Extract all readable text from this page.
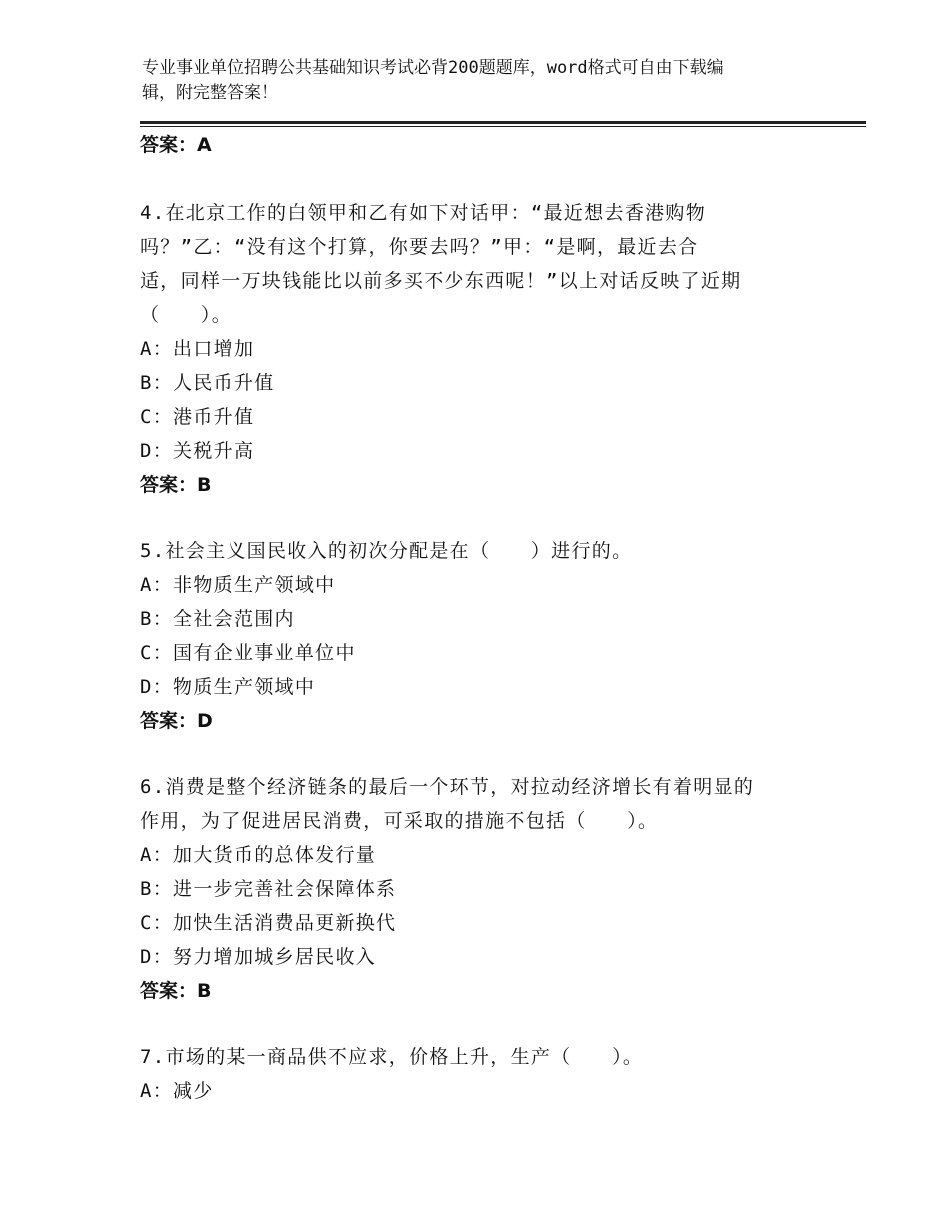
专业事业单位招聘公共基础知识考试必背200题题库，word格式可自由下载编
辑，附完整答案！
答案：A
4.在北京工作的白领甲和乙有如下对话甲：“最近想去香港购物
吗？”乙：“没有这个打算，你要去吗？”甲：“是啊，最近去合
适，同样一万块钱能比以前多买不少东西呢！”以上对话反映了近期
（　　）。
A：出口增加
B：人民币升值
C：港币升值
D：关税升高
答案：B
5.社会主义国民收入的初次分配是在（　　）进行的。
A：非物质生产领域中
B：全社会范围内
C：国有企业事业单位中
D：物质生产领域中
答案：D
6.消费是整个经济链条的最后一个环节，对拉动经济增长有着明显的
作用，为了促进居民消费，可采取的措施不包括（　　）。
A：加大货币的总体发行量
B：进一步完善社会保障体系
C：加快生活消费品更新换代
D：努力增加城乡居民收入
答案：B
7.市场的某一商品供不应求，价格上升，生产（　　）。
A：减少
